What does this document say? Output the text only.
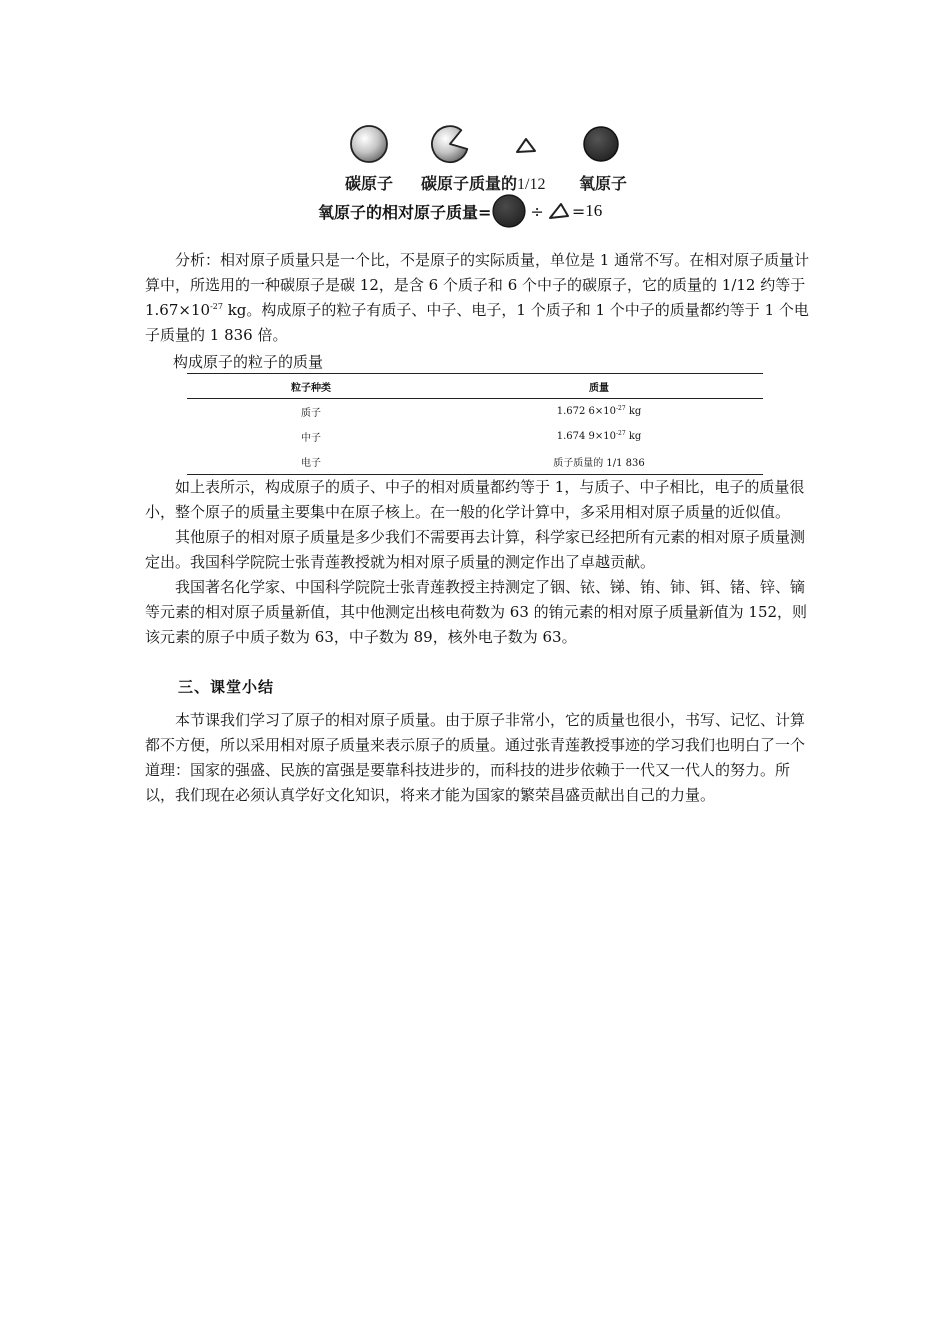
碳原子 碳原子质量的1/12 氧原子
氧原子的相对原子质量= ÷ = 16

分析：相对原子质量只是一个比，不是原子的实际质量，单位是 1 通常不写。在相对原子质量计算中，所选用的一种碳原子是碳 12，是含 6 个质子和 6 个中子的碳原子，它的质量的 1/12 约等于 $1.67\times 10^{-27}$ kg。构成原子的粒子有质子、中子、电子，1 个质子和 1 个中子的质量都约等于 1 个电子质量的 1 836 倍。

构成原子的粒子的质量
粒子种类	质量
质子	1.672 $6\times 10^{-27}$ kg
中子	1.674 $9\times 10^{-27}$ kg
电子	质子质量的 1/1 836

如上表所示，构成原子的质子、中子的相对质量都约等于 1，与质子、中子相比，电子的质量很小，整个原子的质量主要集中在原子核上。在一般的化学计算中，多采用相对原子质量的近似值。

其他原子的相对原子质量是多少我们不需要再去计算，科学家已经把所有元素的相对原子质量测定出。我国科学院院士张青莲教授就为相对原子质量的测定作出了卓越贡献。

我国著名化学家、中国科学院院士张青莲教授主持测定了铟、铱、锑、铕、铈、铒、锗、锌、镝等元素的相对原子质量新值，其中他测定出核电荷数为 63 的铕元素的相对原子质量新值为 152，则该元素的原子中质子数为 63，中子数为 89，核外电子数为 63。

三、课堂小结

本节课我们学习了原子的相对原子质量。由于原子非常小，它的质量也很小，书写、记忆、计算都不方便，所以采用相对原子质量来表示原子的质量。通过张青莲教授事迹的学习我们也明白了一个道理：国家的强盛、民族的富强是要靠科技进步的，而科技的进步依赖于一代又一代人的努力。所以，我们现在必须认真学好文化知识，将来才能为国家的繁荣昌盛贡献出自己的力量。
